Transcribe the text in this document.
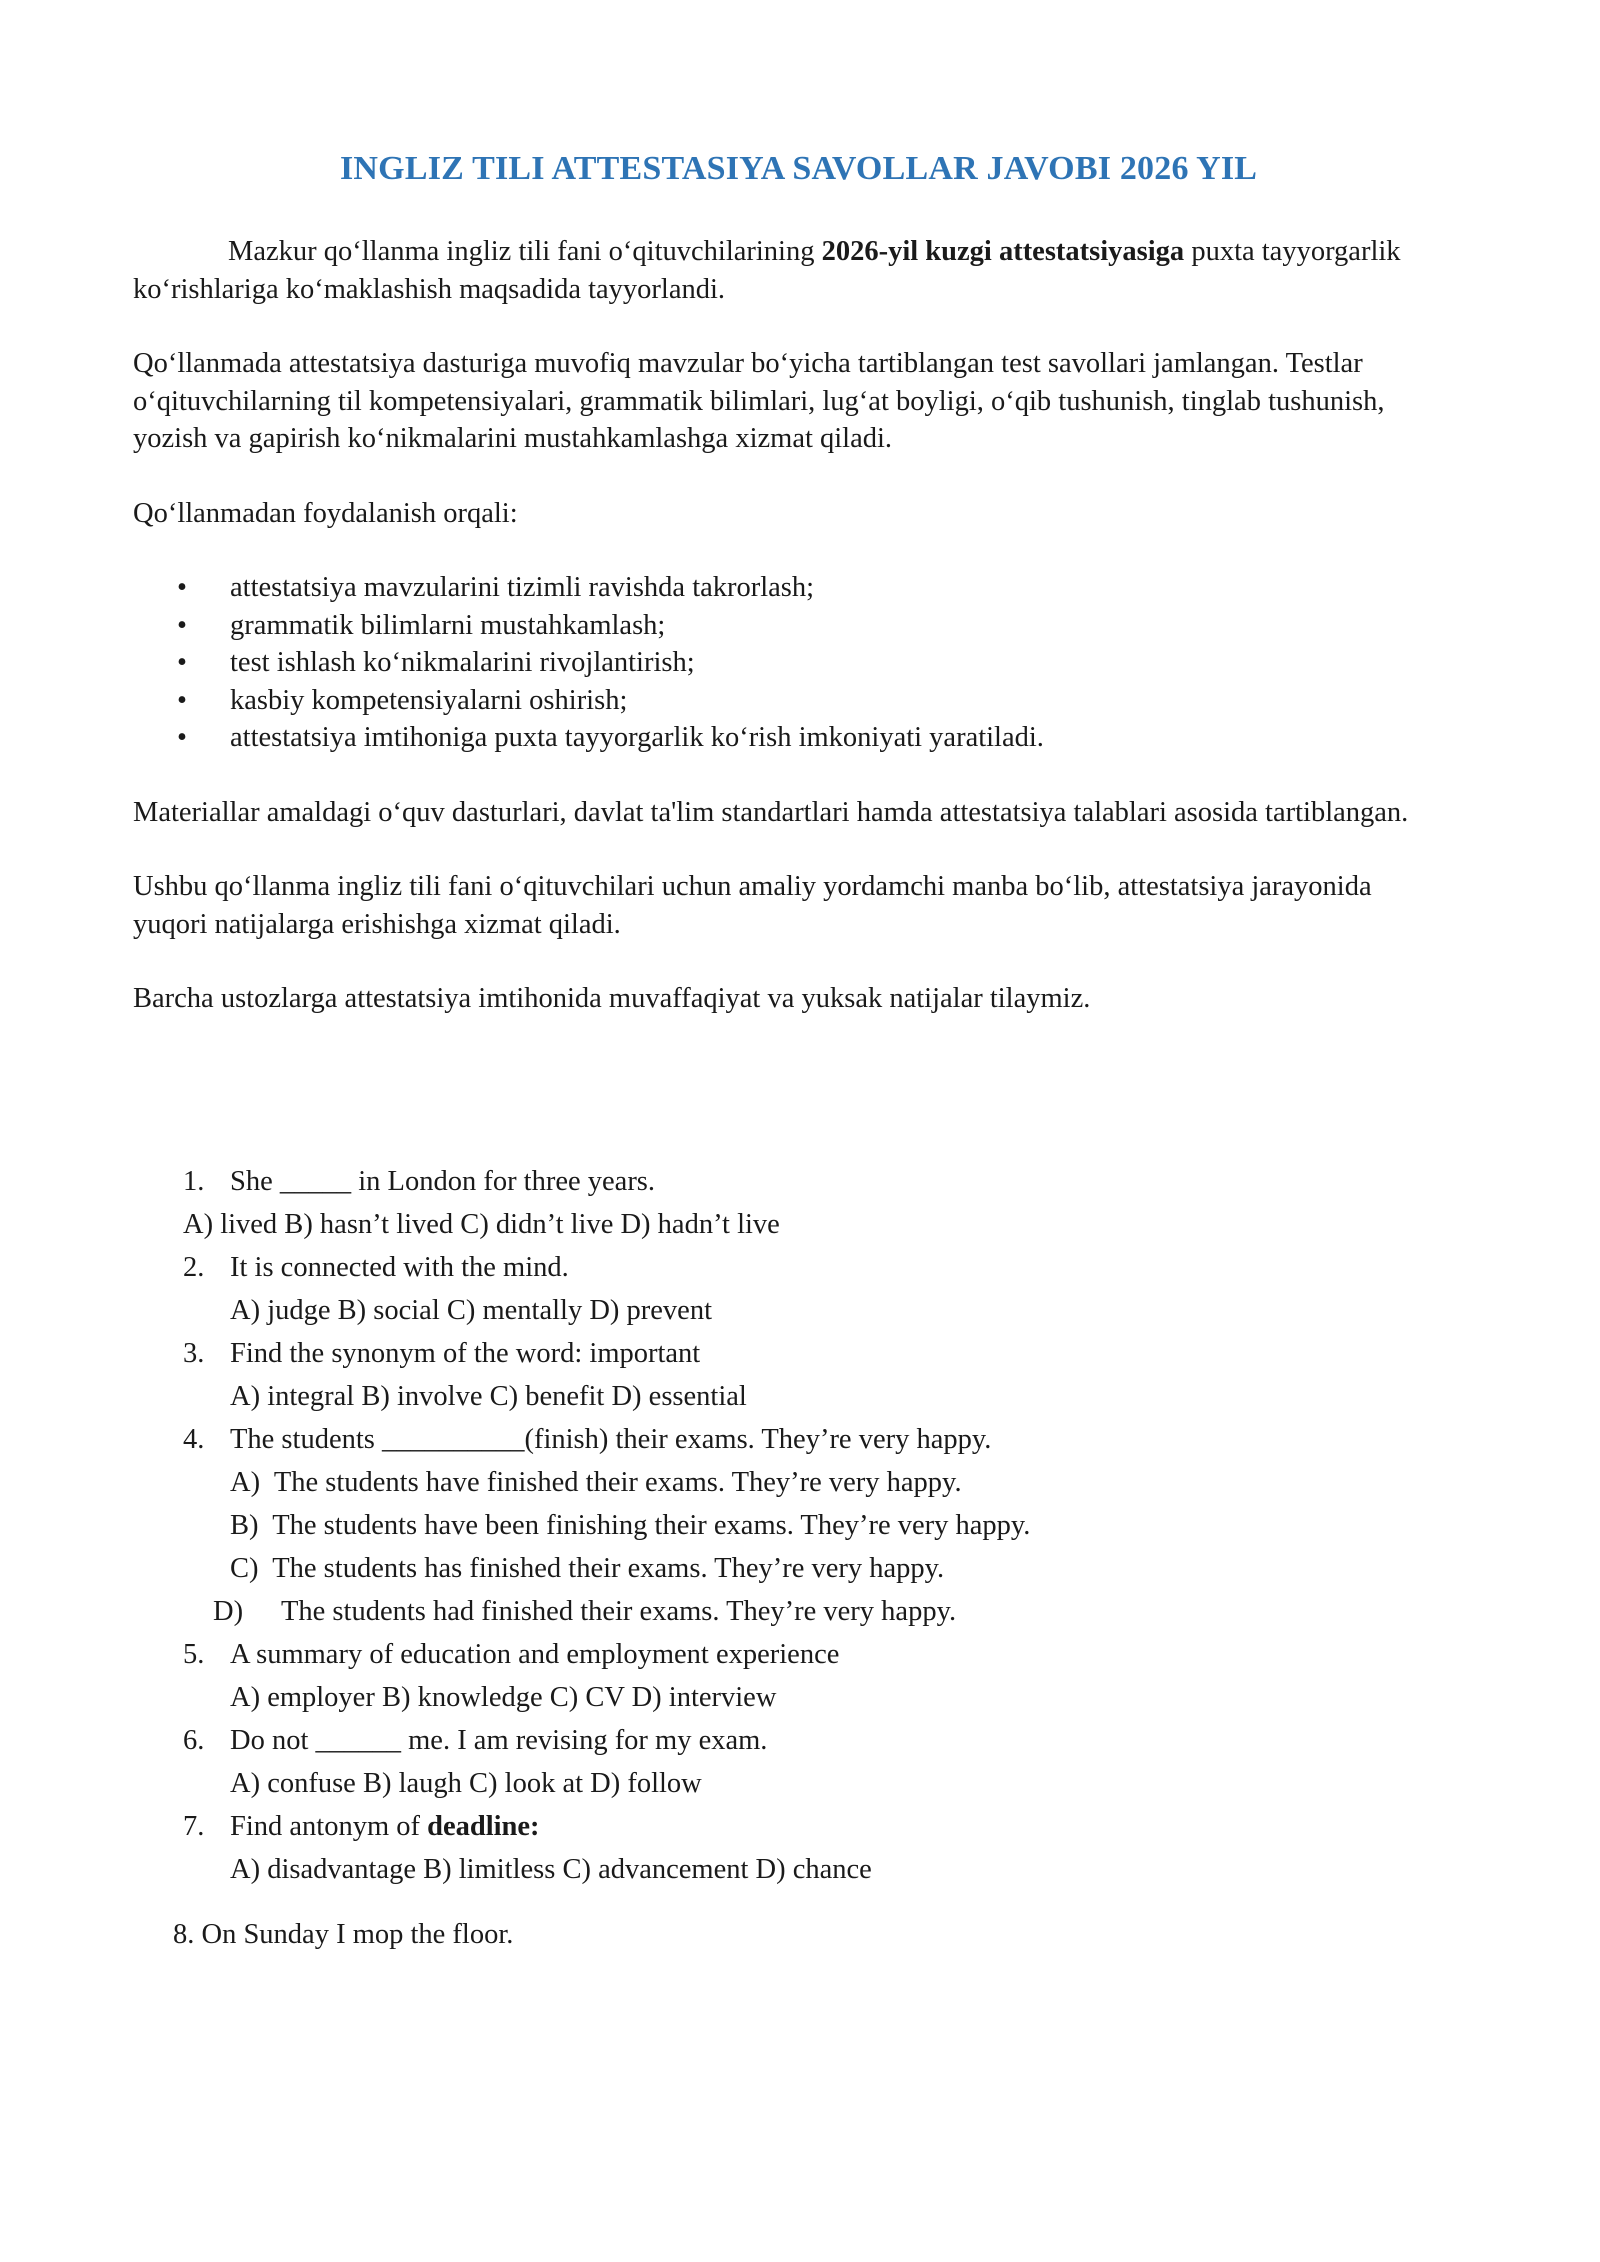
INGLIZ TILI ATTESTASIYA SAVOLLAR JAVOBI 2026 YIL

Mazkur qo‘llanma ingliz tili fani o‘qituvchilarining 2026-yil kuzgi attestatsiyasiga puxta tayyorgarlik ko‘rishlariga ko‘maklashish maqsadida tayyorlandi.

Qo‘llanmada attestatsiya dasturiga muvofiq mavzular bo‘yicha tartiblangan test savollari jamlangan. Testlar o‘qituvchilarning til kompetensiyalari, grammatik bilimlari, lug‘at boyligi, o‘qib tushunish, tinglab tushunish, yozish va gapirish ko‘nikmalarini mustahkamlashga xizmat qiladi.

Qo‘llanmadan foydalanish orqali:

• attestatsiya mavzularini tizimli ravishda takrorlash;
• grammatik bilimlarni mustahkamlash;
• test ishlash ko‘nikmalarini rivojlantirish;
• kasbiy kompetensiyalarni oshirish;
• attestatsiya imtihoniga puxta tayyorgarlik ko‘rish imkoniyati yaratiladi.

Materiallar amaldagi o‘quv dasturlari, davlat ta'lim standartlari hamda attestatsiya talablari asosida tartiblangan.

Ushbu qo‘llanma ingliz tili fani o‘qituvchilari uchun amaliy yordamchi manba bo‘lib, attestatsiya jarayonida yuqori natijalarga erishishga xizmat qiladi.

Barcha ustozlarga attestatsiya imtihonida muvaffaqiyat va yuksak natijalar tilaymiz.

1. She _____ in London for three years.
A) lived B) hasn’t lived C) didn’t live D) hadn’t live
2. It is connected with the mind.
A) judge B) social C) mentally D) prevent
3. Find the synonym of the word: important
A) integral B) involve C) benefit D) essential
4. The students __________(finish) their exams. They’re very happy.
A) The students have finished their exams. They’re very happy.
B) The students have been finishing their exams. They’re very happy.
C) The students has finished their exams. They’re very happy.
D) The students had finished their exams. They’re very happy.
5. A summary of education and employment experience
A) employer B) knowledge C) CV D) interview
6. Do not ______ me. I am revising for my exam.
A) confuse B) laugh C) look at D) follow
7. Find antonym of deadline:
A) disadvantage B) limitless C) advancement D) chance
8. On Sunday I mop the floor.
